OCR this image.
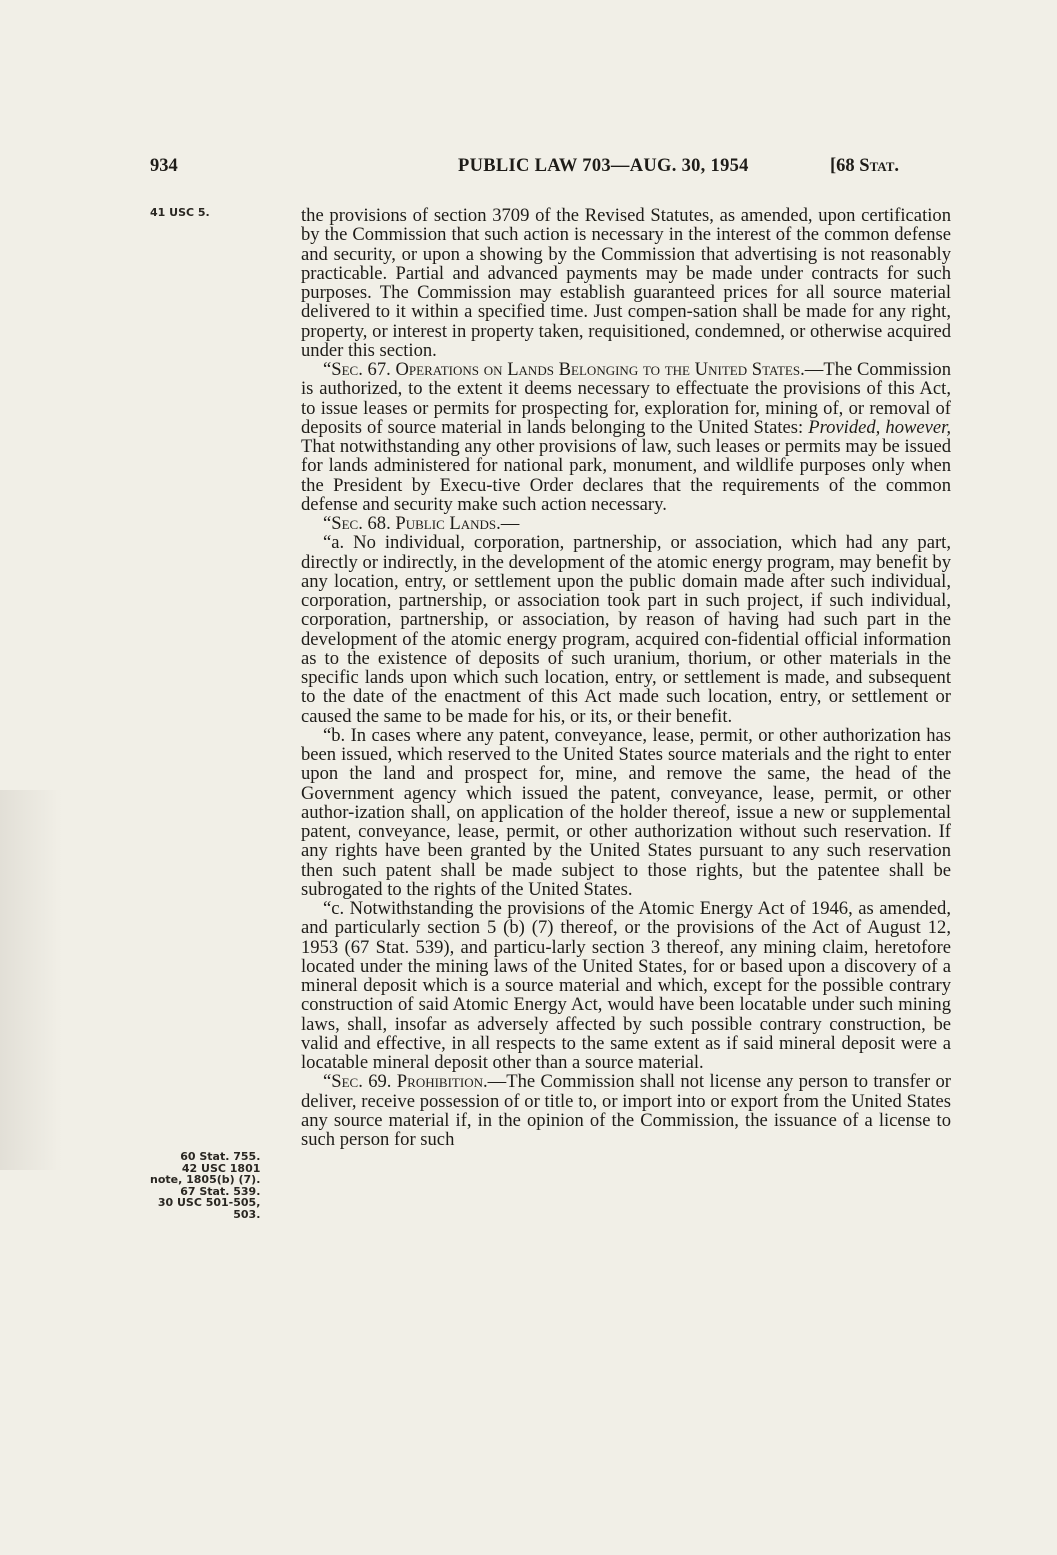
934	PUBLIC LAW 703—AUG. 30, 1954	[68 Stat.
41 USC 5.
60 Stat. 755.
42 USC 1801
note, 1805(b) (7).
67 Stat. 539.
30 USC 501-505,
503.

the provisions of section 3709 of the Revised Statutes, as amended, upon certification by the Commission that such action is necessary in the interest of the common defense and security, or upon a showing by the Commission that advertising is not reasonably practicable. Partial and advanced payments may be made under contracts for such purposes. The Commission may establish guaranteed prices for all source material delivered to it within a specified time. Just compen-sation shall be made for any right, property, or interest in property taken, requisitioned, condemned, or otherwise acquired under this section.

“Sec. 67. Operations on Lands Belonging to the United States.—The Commission is authorized, to the extent it deems necessary to effectuate the provisions of this Act, to issue leases or permits for prospecting for, exploration for, mining of, or removal of deposits of source material in lands belonging to the United States: Provided, however, That notwithstanding any other provisions of law, such leases or permits may be issued for lands administered for national park, monument, and wildlife purposes only when the President by Execu-tive Order declares that the requirements of the common defense and security make such action necessary.

“Sec. 68. Public Lands.—

“a. No individual, corporation, partnership, or association, which had any part, directly or indirectly, in the development of the atomic energy program, may benefit by any location, entry, or settlement upon the public domain made after such individual, corporation, partnership, or association took part in such project, if such individual, corporation, partnership, or association, by reason of having had such part in the development of the atomic energy program, acquired con-fidential official information as to the existence of deposits of such uranium, thorium, or other materials in the specific lands upon which such location, entry, or settlement is made, and subsequent to the date of the enactment of this Act made such location, entry, or settlement or caused the same to be made for his, or its, or their benefit.

“b. In cases where any patent, conveyance, lease, permit, or other authorization has been issued, which reserved to the United States source materials and the right to enter upon the land and prospect for, mine, and remove the same, the head of the Government agency which issued the patent, conveyance, lease, permit, or other author-ization shall, on application of the holder thereof, issue a new or supplemental patent, conveyance, lease, permit, or other authorization without such reservation. If any rights have been granted by the United States pursuant to any such reservation then such patent shall be made subject to those rights, but the patentee shall be subrogated to the rights of the United States.

“c. Notwithstanding the provisions of the Atomic Energy Act of 1946, as amended, and particularly section 5 (b) (7) thereof, or the provisions of the Act of August 12, 1953 (67 Stat. 539), and particu-larly section 3 thereof, any mining claim, heretofore located under the mining laws of the United States, for or based upon a discovery of a mineral deposit which is a source material and which, except for the possible contrary construction of said Atomic Energy Act, would have been locatable under such mining laws, shall, insofar as adversely affected by such possible contrary construction, be valid and effective, in all respects to the same extent as if said mineral deposit were a locatable mineral deposit other than a source material.

“Sec. 69. Prohibition.—The Commission shall not license any person to transfer or deliver, receive possession of or title to, or import into or export from the United States any source material if, in the opinion of the Commission, the issuance of a license to such person for such
